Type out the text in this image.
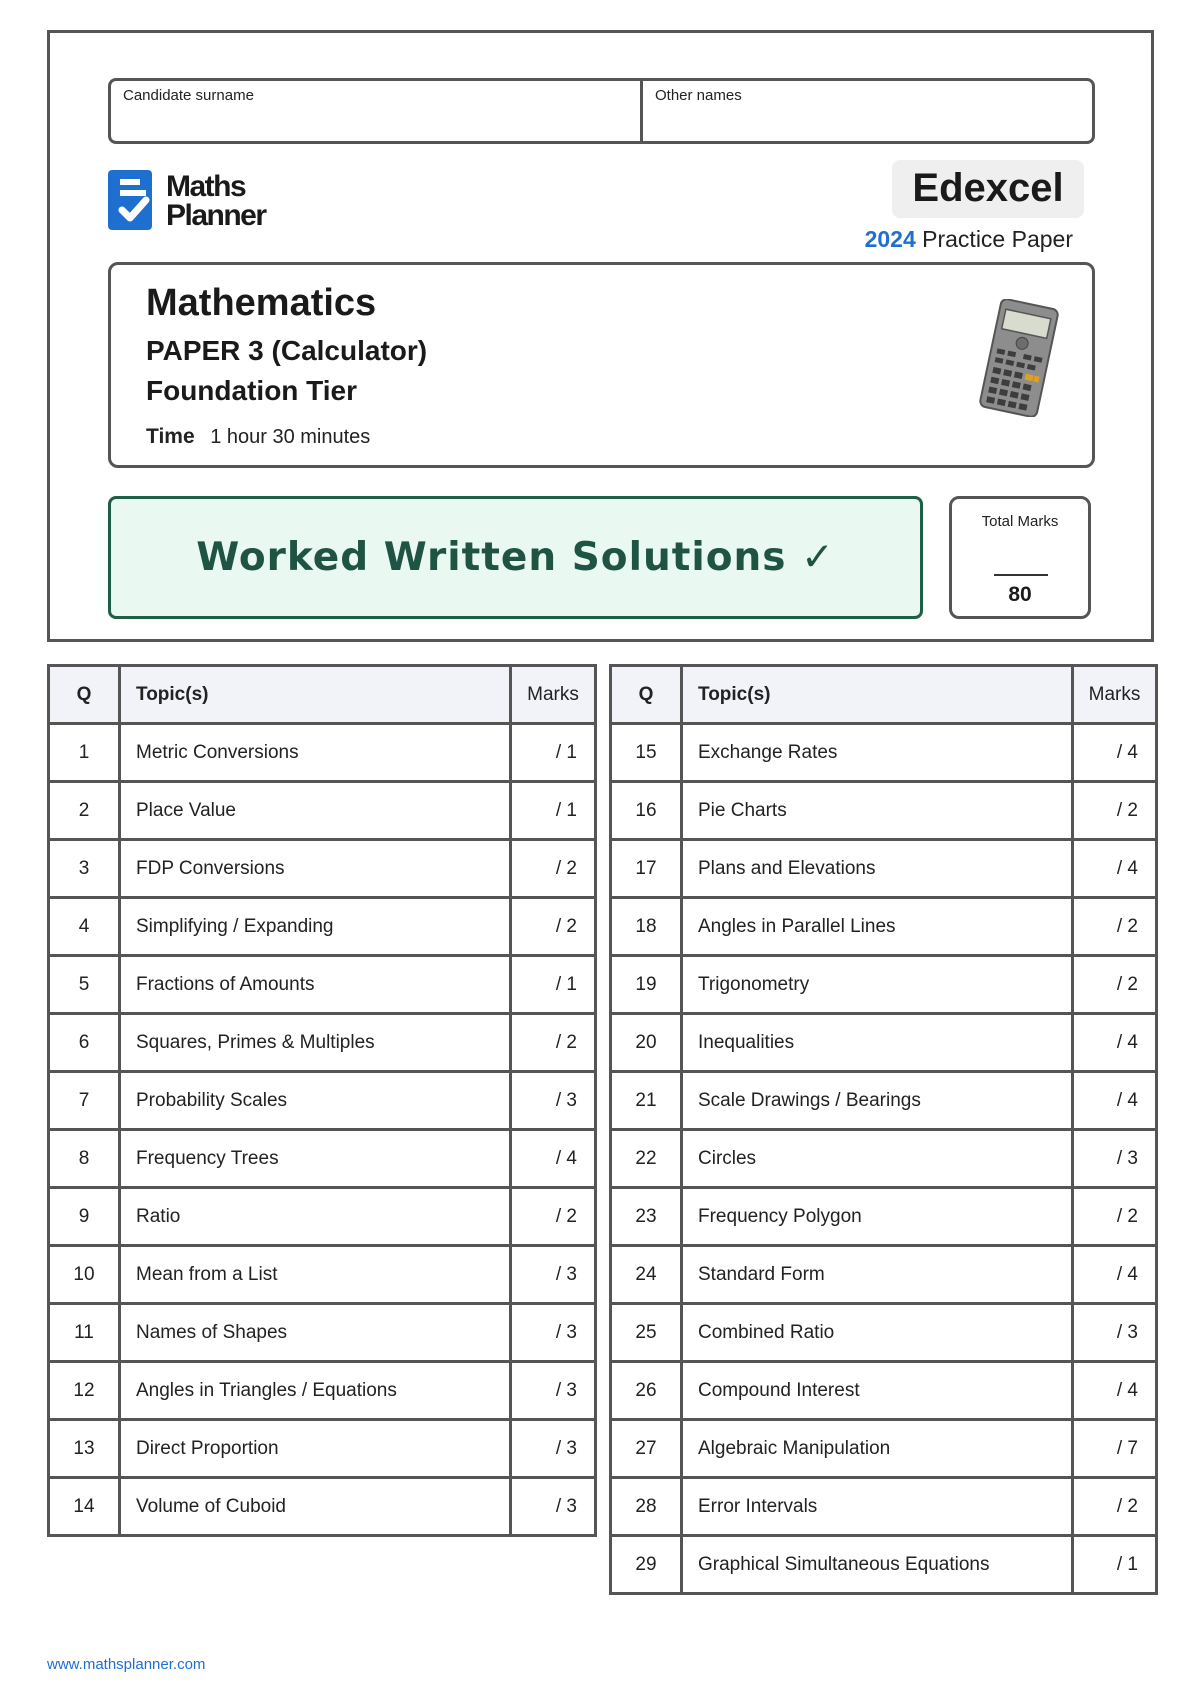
Candidate surname	Other names
Maths
Planner
Edexcel
2024 Practice Paper
Mathematics
PAPER 3 (Calculator)
Foundation Tier
Time 1 hour 30 minutes
Worked Written Solutions ✓
Total Marks
80
Q	Topic(s)	Marks
1	Metric Conversions	/ 1
2	Place Value	/ 1
3	FDP Conversions	/ 2
4	Simplifying / Expanding	/ 2
5	Fractions of Amounts	/ 1
6	Squares, Primes & Multiples	/ 2
7	Probability Scales	/ 3
8	Frequency Trees	/ 4
9	Ratio	/ 2
10	Mean from a List	/ 3
11	Names of Shapes	/ 3
12	Angles in Triangles / Equations	/ 3
13	Direct Proportion	/ 3
14	Volume of Cuboid	/ 3
Q	Topic(s)	Marks
15	Exchange Rates	/ 4
16	Pie Charts	/ 2
17	Plans and Elevations	/ 4
18	Angles in Parallel Lines	/ 2
19	Trigonometry	/ 2
20	Inequalities	/ 4
21	Scale Drawings / Bearings	/ 4
22	Circles	/ 3
23	Frequency Polygon	/ 2
24	Standard Form	/ 4
25	Combined Ratio	/ 3
26	Compound Interest	/ 4
27	Algebraic Manipulation	/ 7
28	Error Intervals	/ 2
29	Graphical Simultaneous Equations	/ 1
www.mathsplanner.com
